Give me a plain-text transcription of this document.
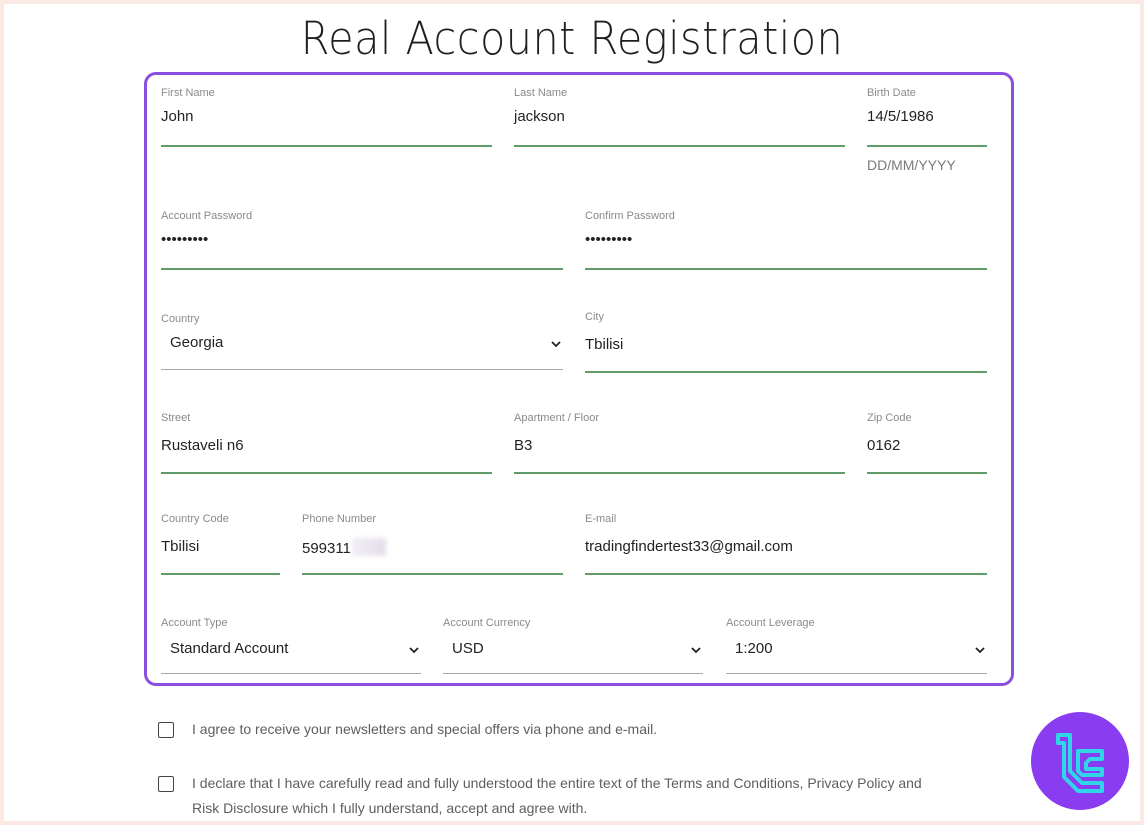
Real Account Registration
First Name
John
Last Name
jackson
Birth Date
14/5/1986
DD/MM/YYYY
Account Password
•••••••••
Confirm Password
•••••••••
Country
Georgia
City
Tbilisi
Street
Rustaveli n6
Apartment / Floor
B3
Zip Code
0162
Country Code
Tbilisi
Phone Number
599311
E-mail
tradingfindertest33@gmail.com
Account Type
Standard Account
Account Currency
USD
Account Leverage
1:200
I agree to receive your newsletters and special offers via phone and e-mail.
I declare that I have carefully read and fully understood the entire text of the Terms and Conditions, Privacy Policy and
Risk Disclosure which I fully understand, accept and agree with.
